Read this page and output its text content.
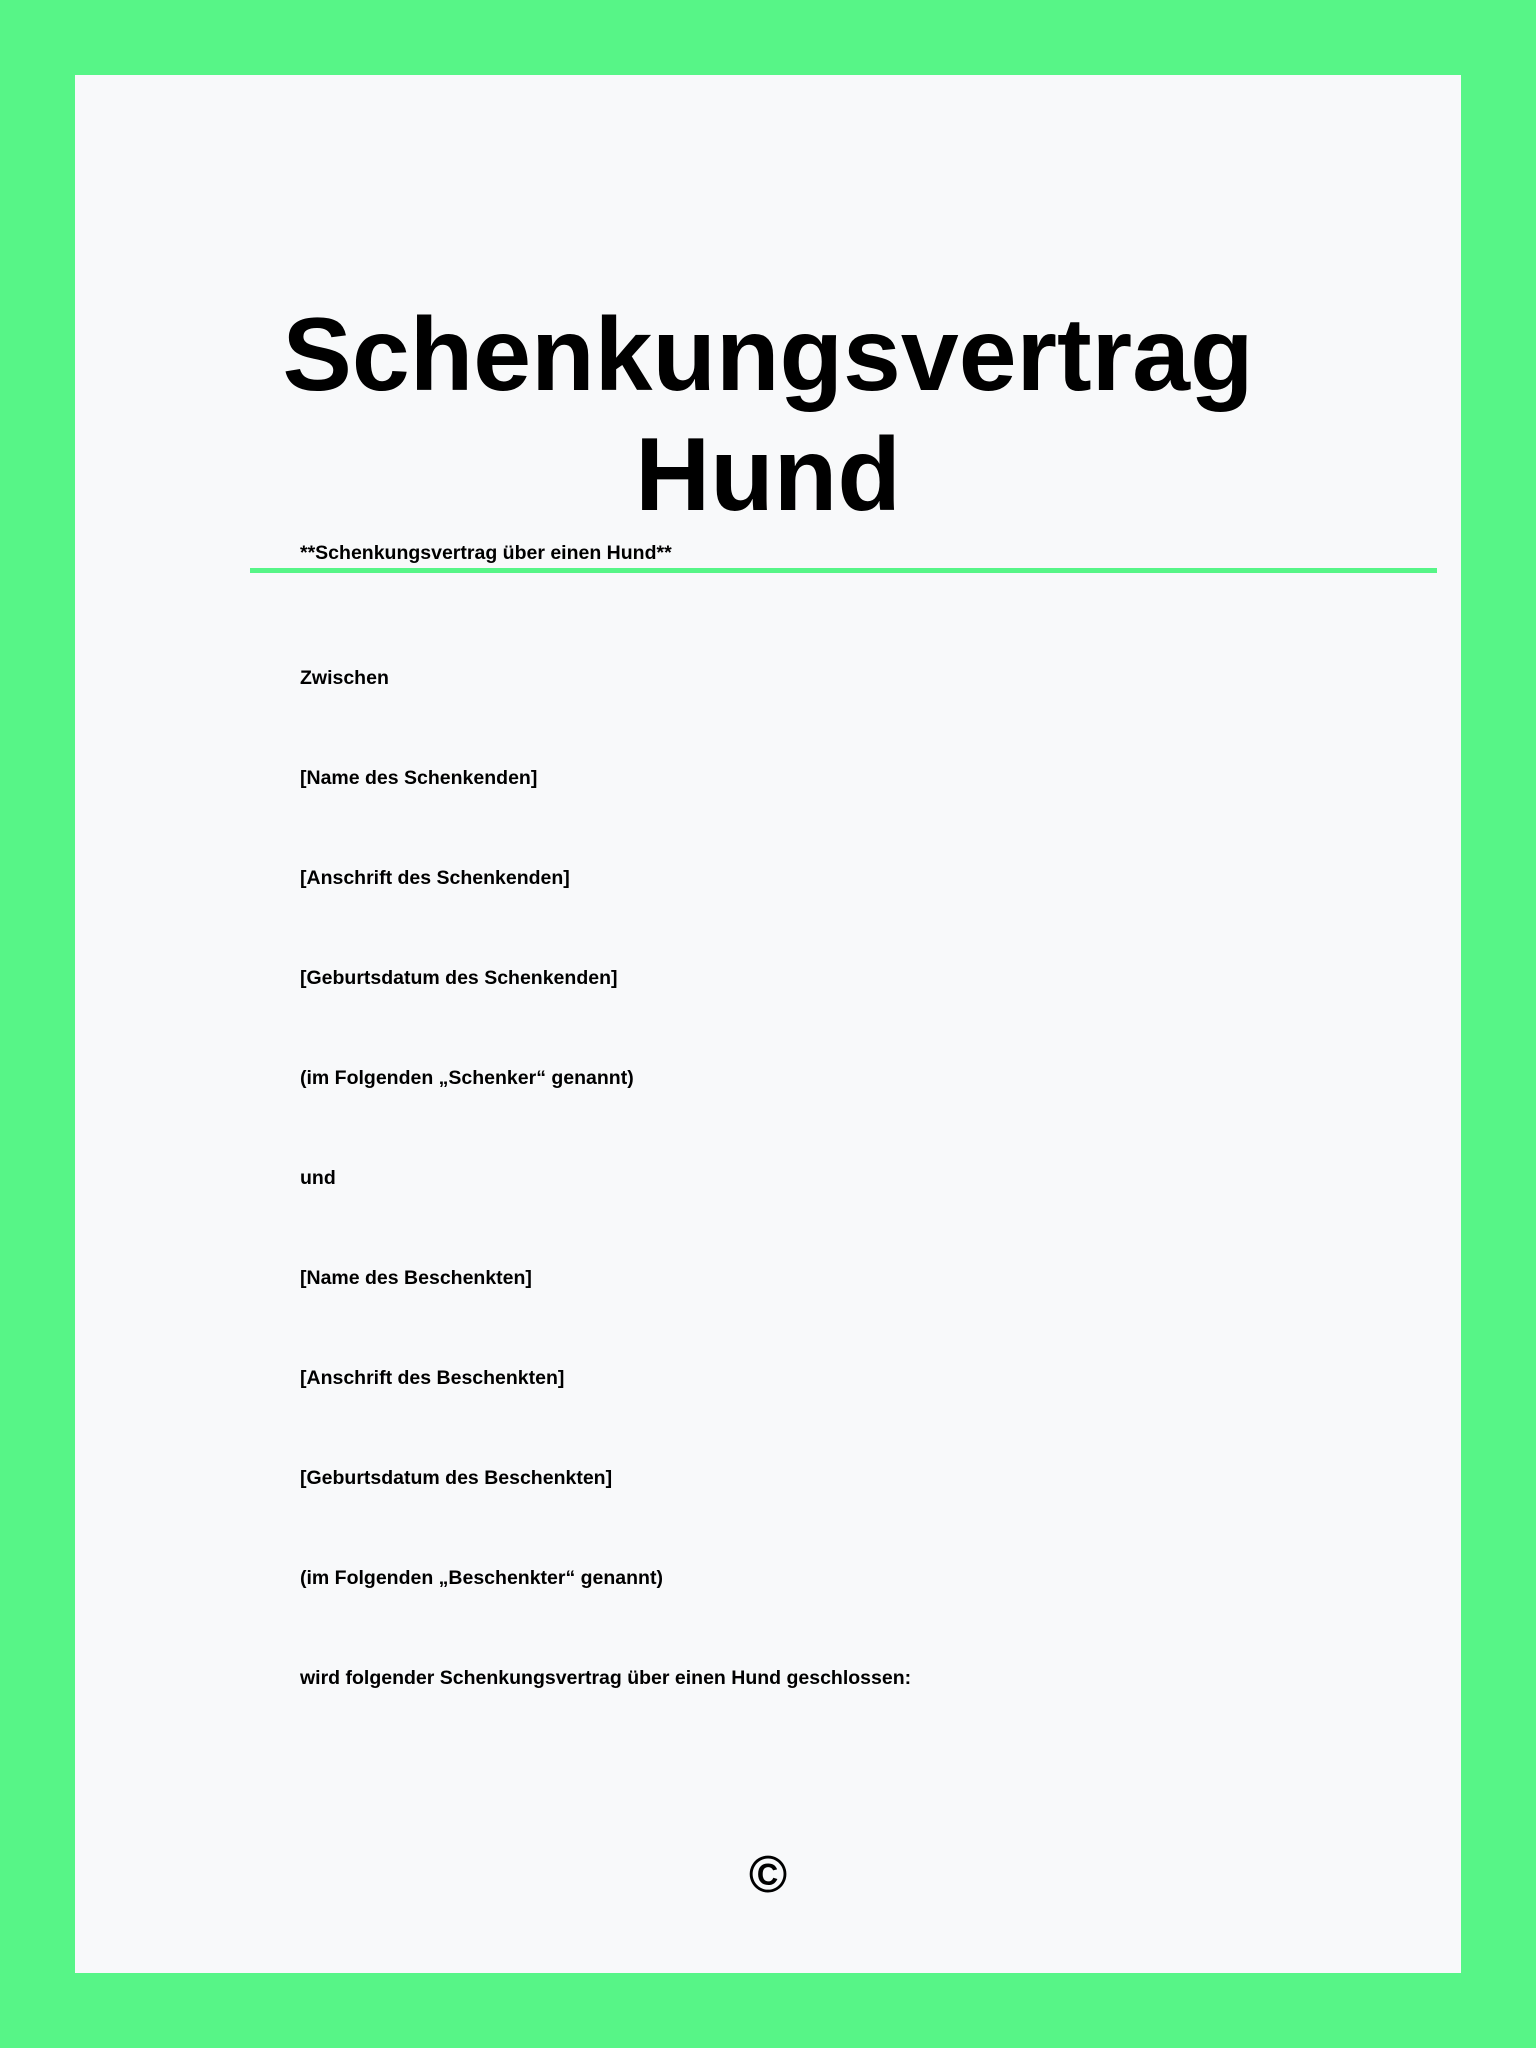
Schenkungsvertrag
Hund

**Schenkungsvertrag über einen Hund**

Zwischen

[Name des Schenkenden]

[Anschrift des Schenkenden]

[Geburtsdatum des Schenkenden]

(im Folgenden „Schenker“ genannt)

und

[Name des Beschenkten]

[Anschrift des Beschenkten]

[Geburtsdatum des Beschenkten]

(im Folgenden „Beschenkter“ genannt)

wird folgender Schenkungsvertrag über einen Hund geschlossen:

©
